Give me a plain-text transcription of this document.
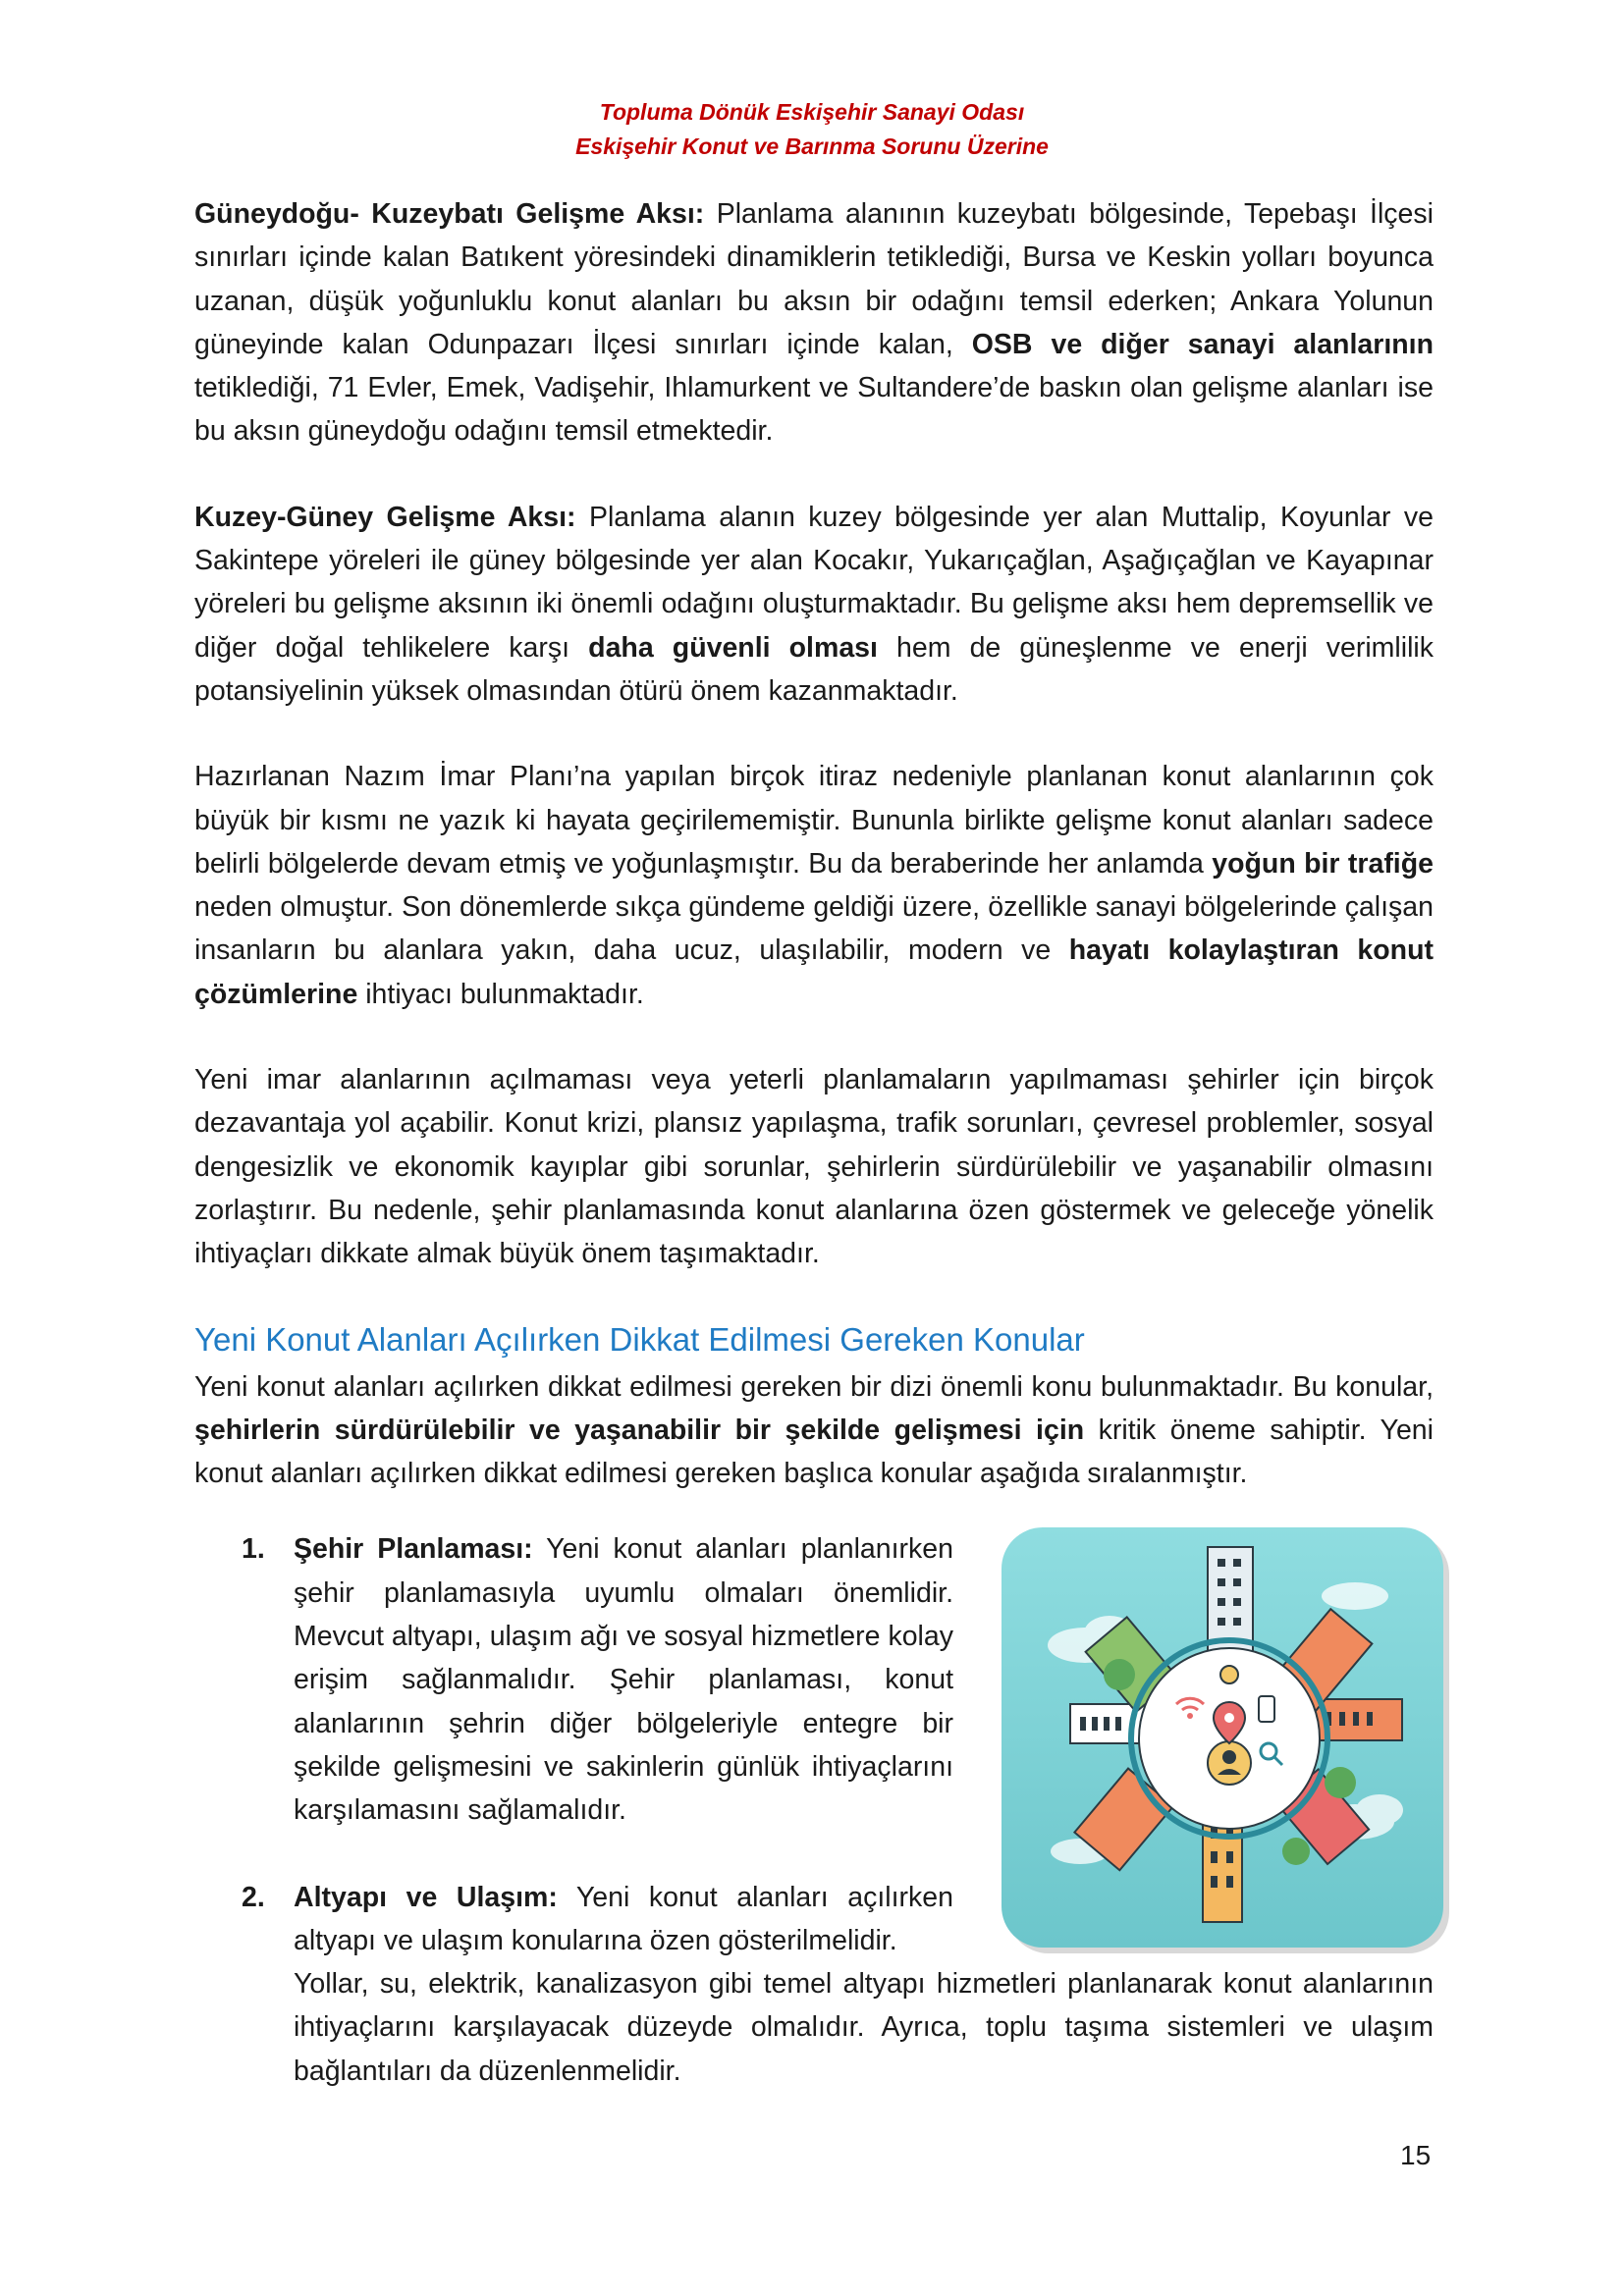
Topluma Dönük Eskişehir Sanayi Odası
Eskişehir Konut ve Barınma Sorunu Üzerine

Güneydoğu- Kuzeybatı Gelişme Aksı: Planlama alanının kuzeybatı bölgesinde, Tepebaşı İlçesi sınırları içinde kalan Batıkent yöresindeki dinamiklerin tetiklediği, Bursa ve Keskin yolları boyunca uzanan, düşük yoğunluklu konut alanları bu aksın bir odağını temsil ederken; Ankara Yolunun güneyinde kalan Odunpazarı İlçesi sınırları içinde kalan, OSB ve diğer sanayi alanlarının tetiklediği, 71 Evler, Emek, Vadişehir, Ihlamurkent ve Sultandere’de baskın olan gelişme alanları ise bu aksın güneydoğu odağını temsil etmektedir.

Kuzey-Güney Gelişme Aksı: Planlama alanın kuzey bölgesinde yer alan Muttalip, Koyunlar ve Sakintepe yöreleri ile güney bölgesinde yer alan Kocakır, Yukarıçağlan, Aşağıçağlan ve Kayapınar yöreleri bu gelişme aksının iki önemli odağını oluşturmaktadır. Bu gelişme aksı hem depremsellik ve diğer doğal tehlikelere karşı daha güvenli olması hem de güneşlenme ve enerji verimlilik potansiyelinin yüksek olmasından ötürü önem kazanmaktadır.

Hazırlanan Nazım İmar Planı’na yapılan birçok itiraz nedeniyle planlanan konut alanlarının çok büyük bir kısmı ne yazık ki hayata geçirilememiştir. Bununla birlikte gelişme konut alanları sadece belirli bölgelerde devam etmiş ve yoğunlaşmıştır. Bu da beraberinde her anlamda yoğun bir trafiğe neden olmuştur. Son dönemlerde sıkça gündeme geldiği üzere, özellikle sanayi bölgelerinde çalışan insanların bu alanlara yakın, daha ucuz, ulaşılabilir, modern ve hayatı kolaylaştıran konut çözümlerine ihtiyacı bulunmaktadır.

Yeni imar alanlarının açılmaması veya yeterli planlamaların yapılmaması şehirler için birçok dezavantaja yol açabilir. Konut krizi, plansız yapılaşma, trafik sorunları, çevresel problemler, sosyal dengesizlik ve ekonomik kayıplar gibi sorunlar, şehirlerin sürdürülebilir ve yaşanabilir olmasını zorlaştırır. Bu nedenle, şehir planlamasında konut alanlarına özen göstermek ve geleceğe yönelik ihtiyaçları dikkate almak büyük önem taşımaktadır.

Yeni Konut Alanları Açılırken Dikkat Edilmesi Gereken Konular

Yeni konut alanları açılırken dikkat edilmesi gereken bir dizi önemli konu bulunmaktadır. Bu konular, şehirlerin sürdürülebilir ve yaşanabilir bir şekilde gelişmesi için kritik öneme sahiptir. Yeni konut alanları açılırken dikkat edilmesi gereken başlıca konular aşağıda sıralanmıştır.

1. Şehir Planlaması: Yeni konut alanları planlanırken şehir planlamasıyla uyumlu olmaları önemlidir. Mevcut altyapı, ulaşım ağı ve sosyal hizmetlere kolay erişim sağlanmalıdır. Şehir planlaması, konut alanlarının şehrin diğer bölgeleriyle entegre bir şekilde gelişmesini ve sakinlerin günlük ihtiyaçlarını karşılamasını sağlamalıdır.
2. Altyapı ve Ulaşım: Yeni konut alanları açılırken altyapı ve ulaşım konularına özen gösterilmelidir.
Yollar, su, elektrik, kanalizasyon gibi temel altyapı hizmetleri planlanarak konut alanlarının ihtiyaçlarını karşılayacak düzeyde olmalıdır. Ayrıca, toplu taşıma sistemleri ve ulaşım bağlantıları da düzenlenmelidir.
15
